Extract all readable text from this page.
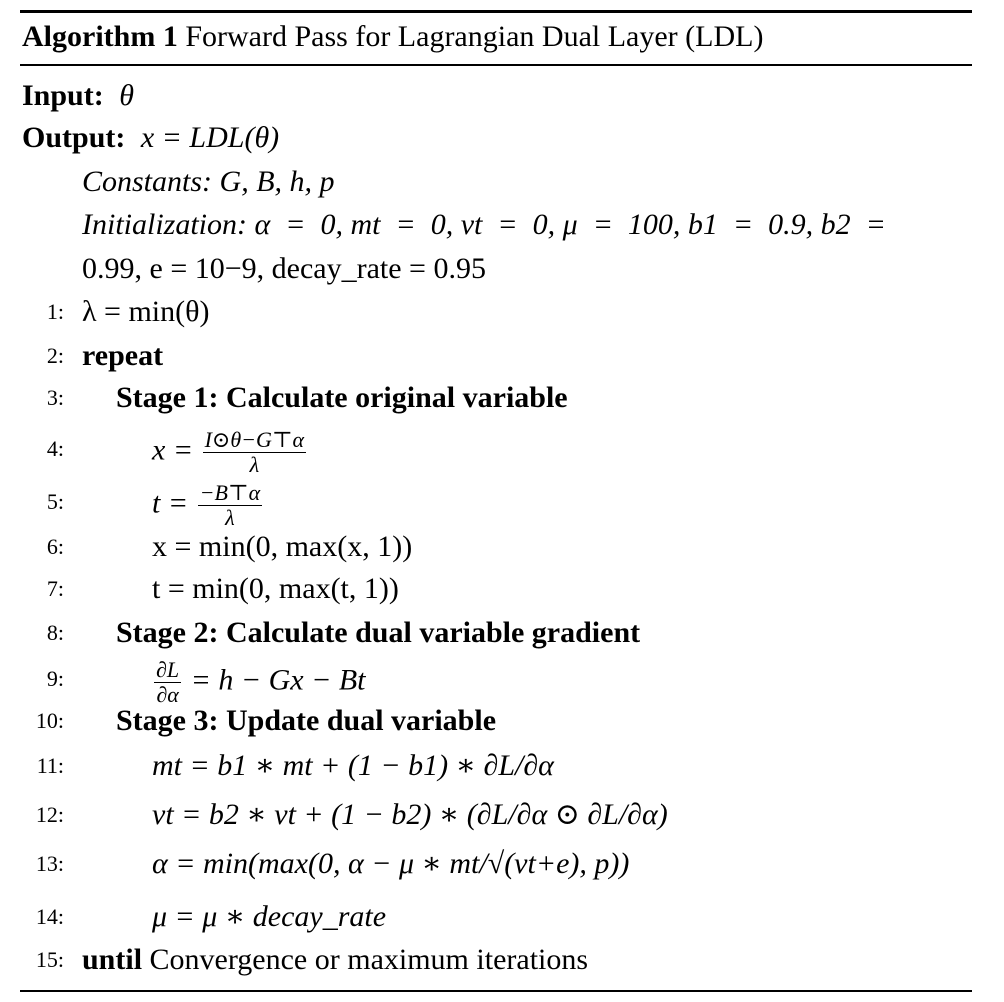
Algorithm 1 Forward Pass for Lagrangian Dual Layer (LDL)
Input: θ
Output: x = LDL(θ)
Constants: G, B, h, p
Initialization: α  =  0, mt  =  0, vt  =  0, μ  =  100, b1  =  0.9, b2  =
0.99, e = 10−9, decay_rate = 0.95
1: λ = min(θ)
2: repeat
3: Stage 1: Calculate original variable
4:	$x = \frac{I⊙\theta-G⊤\alpha}{\lambda}$
5:	$t = \frac{-B⊤\alpha}{\lambda}$
6:	x = min(0, max(x, 1))
7:	t = min(0, max(t, 1))
8: Stage 2: Calculate dual variable gradient
9:	$\frac{\partial L}{\partial\alpha} = h - Gx - Bt$
10: Stage 3: Update dual variable
11:	mt = b1 ∗ mt + (1 − b1) ∗ ∂L/∂α
12:	vt = b2 ∗ vt + (1 − b2) ∗ (∂L/∂α ⊙ ∂L/∂α)
13:	α = min(max(0, α − μ ∗ mt/√(vt+e), p))
14:	μ = μ ∗ decay_rate
15: until Convergence or maximum iterations
